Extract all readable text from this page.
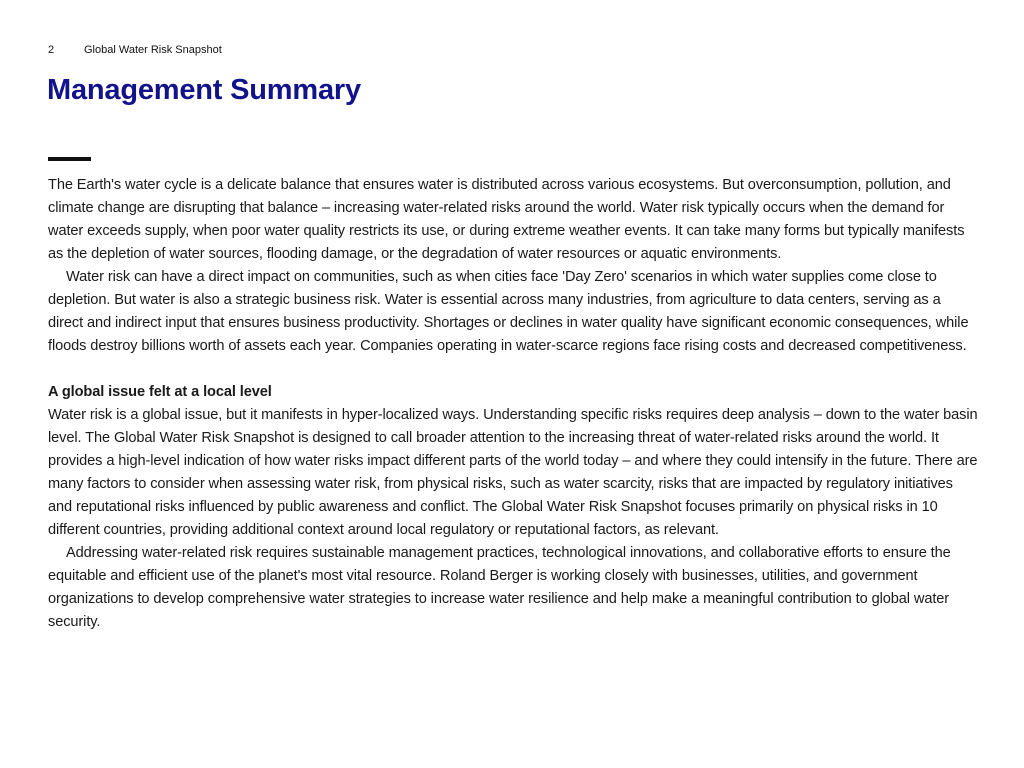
2	Global Water Risk Snapshot
Management Summary

The Earth's water cycle is a delicate balance that ensures water is distributed across various ecosystems. But overconsumption, pollution, and climate change are disrupting that balance – increasing water-related risks around the world. Water risk typically occurs when the demand for water exceeds supply, when poor water quality restricts its use, or during extreme weather events. It can take many forms but typically manifests as the depletion of water sources, flooding damage, or the degradation of water resources or aquatic environments.

Water risk can have a direct impact on communities, such as when cities face 'Day Zero' scenarios in which water supplies come close to depletion. But water is also a strategic business risk. Water is essential across many industries, from agriculture to data centers, serving as a direct and indirect input that ensures business productivity. Shortages or declines in water quality have significant economic consequences, while floods destroy billions worth of assets each year. Companies operating in water-scarce regions face rising costs and decreased competitiveness.

A global issue felt at a local level

Water risk is a global issue, but it manifests in hyper-localized ways. Understanding specific risks requires deep analysis – down to the water basin level. The Global Water Risk Snapshot is designed to call broader attention to the increasing threat of water-related risks around the world. It provides a high-level indication of how water risks impact different parts of the world today – and where they could intensify in the future. There are many factors to consider when assessing water risk, from physical risks, such as water scarcity, risks that are impacted by regulatory initiatives and reputational risks influenced by public awareness and conflict. The Global Water Risk Snapshot focuses primarily on physical risks in 10 different countries, providing additional context around local regulatory or reputational factors, as relevant.

Addressing water-related risk requires sustainable management practices, technological innovations, and collaborative efforts to ensure the equitable and efficient use of the planet's most vital resource. Roland Berger is working closely with businesses, utilities, and government organizations to develop comprehensive water strategies to increase water resilience and help make a meaningful contribution to global water security.
